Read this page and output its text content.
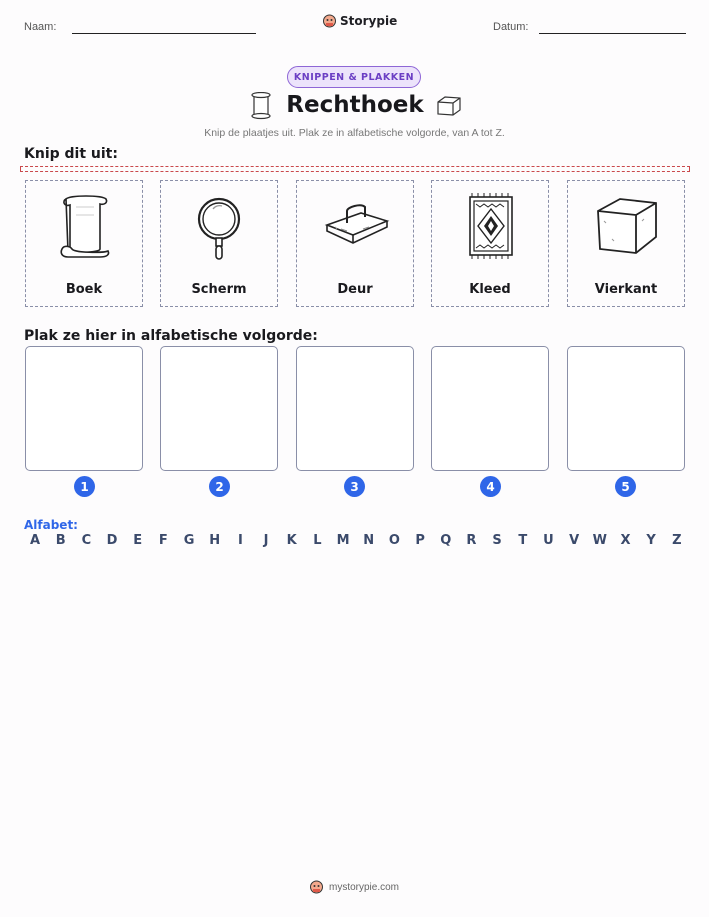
Naam:	Storypie	Datum:
KNIPPEN & PLAKKEN
Rechthoek
Knip de plaatjes uit. Plak ze in alfabetische volgorde, van A tot Z.
Knip dit uit:
Boek	Scherm	Deur	Kleed	Vierkant
Plak ze hier in alfabetische volgorde:
1	2	3	4	5
Alfabet:
A	B	C	D	E	F	G H	I	J	K	L	M N O	P	Q	R	S	T	U	V	W	X	Y	Z
mystorypie.com
